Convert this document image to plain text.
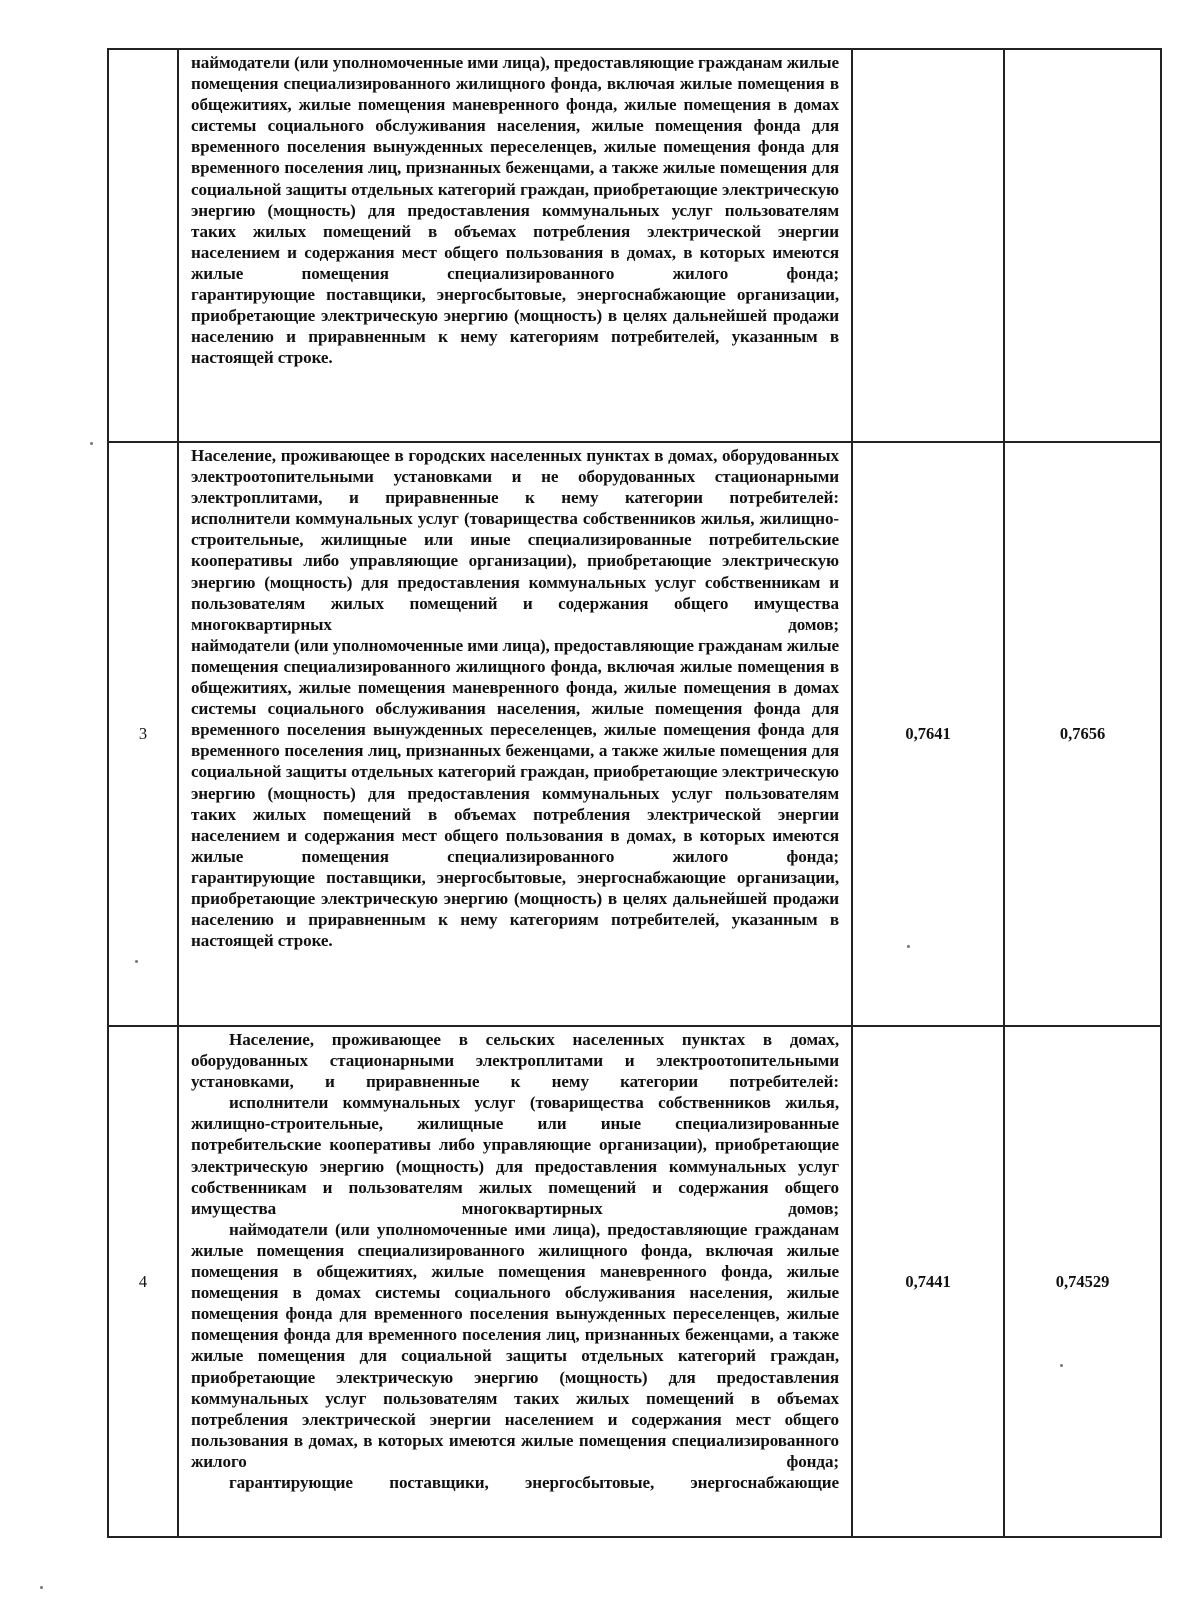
	наймодатели (или уполномоченные ими лица), предоставляющие гражданам жилые помещения специализированного жилищного фонда, включая жилые помещения в общежитиях, жилые помещения маневренного фонда, жилые помещения в домах системы социального обслуживания населения, жилые помещения фонда для временного поселения вынужденных переселенцев, жилые помещения фонда для временного поселения лиц, признанных беженцами, а также жилые помещения для социальной защиты отдельных категорий граждан, приобретающие электрическую энергию (мощность) для предоставления коммунальных услуг пользователям таких жилых помещений в объемах потребления электрической энергии населением и содержания мест общего пользования в домах, в которых имеются жилые помещения специализированного жилого фонда;
гарантирующие поставщики, энергосбытовые, энергоснабжающие организации, приобретающие электрическую энергию (мощность) в целях дальнейшей продажи населению и приравненным к нему категориям потребителей, указанным в настоящей строке.		

3	Население, проживающее в городских населенных пунктах в домах, оборудованных электроотопительными установками и не оборудованных стационарными электроплитами, и приравненные к нему категории потребителей:
исполнители коммунальных услуг (товарищества собственников жилья, жилищно-строительные, жилищные или иные специализированные потребительские кооперативы либо управляющие организации), приобретающие электрическую энергию (мощность) для предоставления коммунальных услуг собственникам и пользователям жилых помещений и содержания общего имущества многоквартирных домов;
наймодатели (или уполномоченные ими лица), предоставляющие гражданам жилые помещения специализированного жилищного фонда, включая жилые помещения в общежитиях, жилые помещения маневренного фонда, жилые помещения в домах системы социального обслуживания населения, жилые помещения фонда для временного поселения вынужденных переселенцев, жилые помещения фонда для временного поселения лиц, признанных беженцами, а также жилые помещения для социальной защиты отдельных категорий граждан, приобретающие электрическую энергию (мощность) для предоставления коммунальных услуг пользователям таких жилых помещений в объемах потребления электрической энергии населением и содержания мест общего пользования в домах, в которых имеются жилые помещения специализированного жилого фонда;
гарантирующие поставщики, энергосбытовые, энергоснабжающие организации, приобретающие электрическую энергию (мощность) в целях дальнейшей продажи населению и приравненным к нему категориям потребителей, указанным в настоящей строке.	0,7641	0,7656
4	Население, проживающее в сельских населенных пунктах в домах, оборудованных стационарными электроплитами и электроотопительными установками, и приравненные к нему категории потребителей:
исполнители коммунальных услуг (товарищества собственников жилья, жилищно-строительные, жилищные или иные специализированные потребительские кооперативы либо управляющие организации), приобретающие электрическую энергию (мощность) для предоставления коммунальных услуг собственникам и пользователям жилых помещений и содержания общего имущества многоквартирных домов;
наймодатели (или уполномоченные ими лица), предоставляющие гражданам жилые помещения специализированного жилищного фонда, включая жилые помещения в общежитиях, жилые помещения маневренного фонда, жилые помещения в домах системы социального обслуживания населения, жилые помещения фонда для временного поселения вынужденных переселенцев, жилые помещения фонда для временного поселения лиц, признанных беженцами, а также жилые помещения для социальной защиты отдельных категорий граждан, приобретающие электрическую энергию (мощность) для предоставления коммунальных услуг пользователям таких жилых помещений в объемах потребления электрической энергии населением и содержания мест общего пользования в домах, в которых имеются жилые помещения специализированного жилого фонда;
гарантирующие поставщики, энергосбытовые, энергоснабжающие	0,7441	0,74529
